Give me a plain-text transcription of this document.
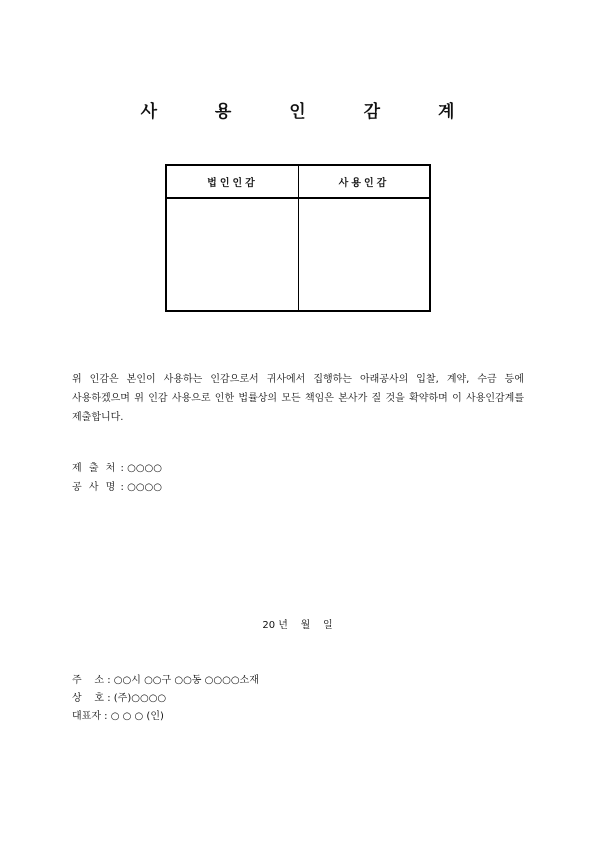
사 용 인 감 계
법인인감	사용인감

위 인감은 본인이 사용하는 인감으로서 귀사에서 집행하는 아래공사의 입찰, 계약, 수금 등에 사용하겠으며 위 인감 사용으로 인한 법률상의 모든 책임은 본사가 질 것을 확약하며 이 사용인감계를 제출합니다.
제 출 처 : ○○○○
공 사 명 : ○○○○
20 년    월    일
주    소 : ○○시 ○○구 ○○동 ○○○○소재
상    호 : (주)○○○○
대표자 : ○ ○ ○ (인)
